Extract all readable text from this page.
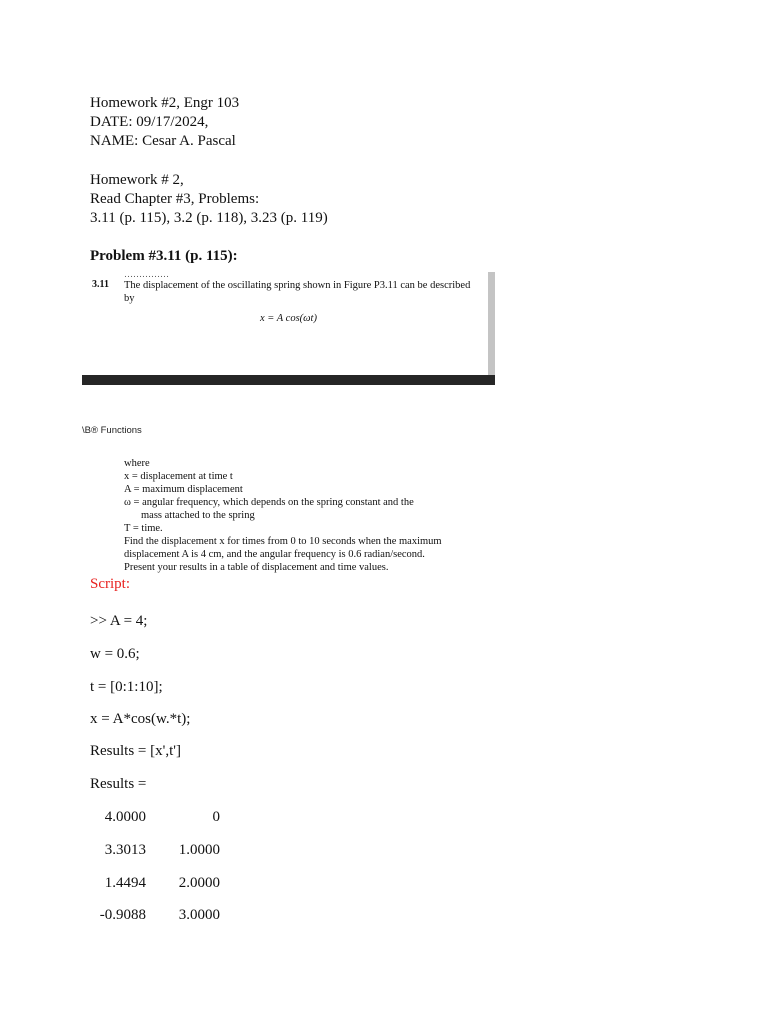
Homework #2, Engr 103
DATE: 09/17/2024,
NAME: Cesar A. Pascal
Homework # 2,
Read Chapter #3, Problems:
3.11 (p. 115), 3.2 (p. 118), 3.23 (p. 119)
Problem #3.11 (p. 115):
……………
3.11 The displacement of the oscillating spring shown in Figure P3.11 can be described by
x = A cos(ωt)
\B® Functions
where
x = displacement at time t
A = maximum displacement
ω = angular frequency, which depends on the spring constant and the
mass attached to the spring
T = time.
Find the displacement x for times from 0 to 10 seconds when the maximum
displacement A is 4 cm, and the angular frequency is 0.6 radian/second.
Present your results in a table of displacement and time values.
Script:
>> A = 4;
w = 0.6;
t = [0:1:10];
x = A*cos(w.*t);
Results = [x',t']
Results =
4.0000	0
3.3013	1.0000
1.4494	2.0000
-0.9088	3.0000
